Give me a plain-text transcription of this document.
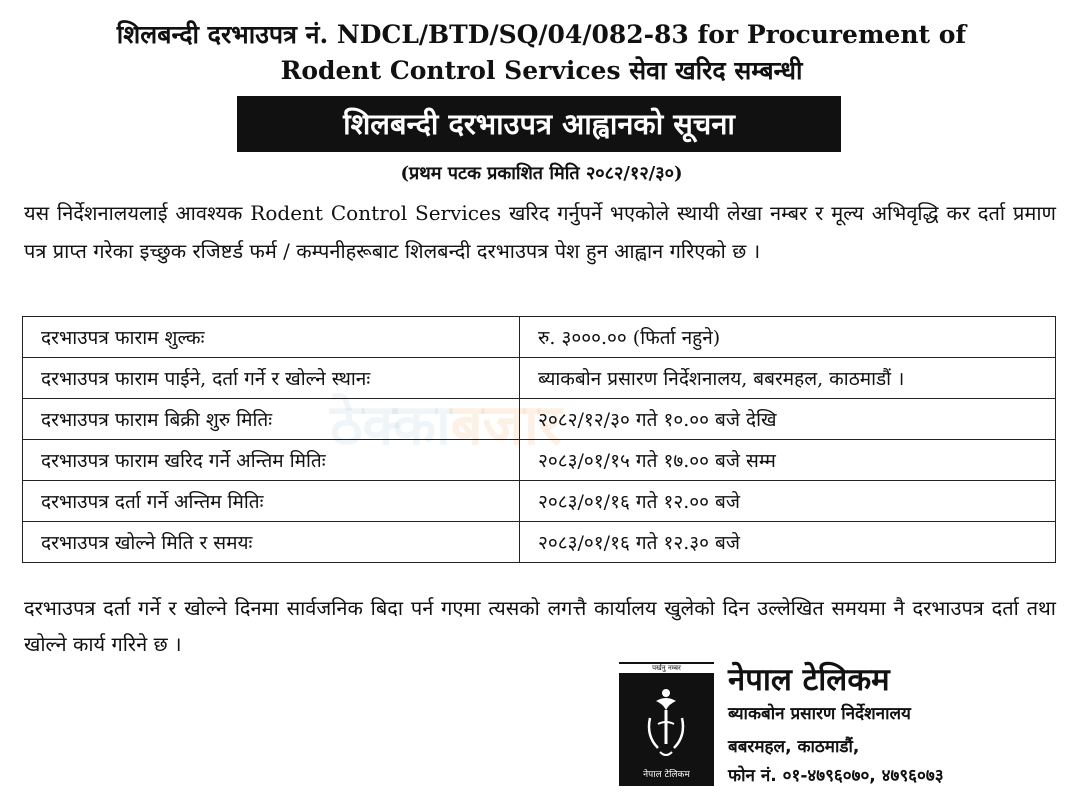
शिलबन्दी दरभाउपत्र नं. NDCL/BTD/SQ/04/082-83 for Procurement of
Rodent Control Services सेवा खरिद सम्बन्धी
शिलबन्दी दरभाउपत्र आह्वानको सूचना
(प्रथम पटक प्रकाशित मिति २०८२/१२/३०)
यस निर्देशनालयलाई आवश्यक Rodent Control Services खरिद गर्नुपर्ने भएकोले स्थायी लेखा नम्बर र मूल्य अभिवृद्धि कर दर्ता प्रमाण पत्र प्राप्त गरेका इच्छुक रजिष्टर्ड फर्म / कम्पनीहरूबाट शिलबन्दी दरभाउपत्र पेश हुन आह्वान गरिएको छ ।
ठेक्काबजार
दरभाउपत्र फाराम शुल्कः	रु. ३०००.०० (फिर्ता नहुने)
दरभाउपत्र फाराम पाईने, दर्ता गर्ने र खोल्ने स्थानः	ब्याकबोन प्रसारण निर्देशनालय, बबरमहल, काठमाडौं ।
दरभाउपत्र फाराम बिक्री शुरु मितिः	२०८२/१२/३० गते १०.०० बजे देखि
दरभाउपत्र फाराम खरिद गर्ने अन्तिम मितिः	२०८३/०१/१५ गते १७.०० बजे सम्म
दरभाउपत्र दर्ता गर्ने अन्तिम मितिः	२०८३/०१/१६ गते १२.०० बजे
दरभाउपत्र खोल्ने मिति र समयः	२०८३/०१/१६ गते १२.३० बजे
दरभाउपत्र दर्ता गर्ने र खोल्ने दिनमा सार्वजनिक बिदा पर्न गएमा त्यसको लगत्तै कार्यालय खुलेको दिन उल्लेखित समयमा नै दरभाउपत्र दर्ता तथा खोल्ने कार्य गरिने छ ।
पर्खनु नम्बर
नेपाल टेलिकम
नेपाल टेलिकम
ब्याकबोन प्रसारण निर्देशनालय
बबरमहल, काठमाडौं,
फोन नं. ०१-४७९६०७०, ४७९६०७३
